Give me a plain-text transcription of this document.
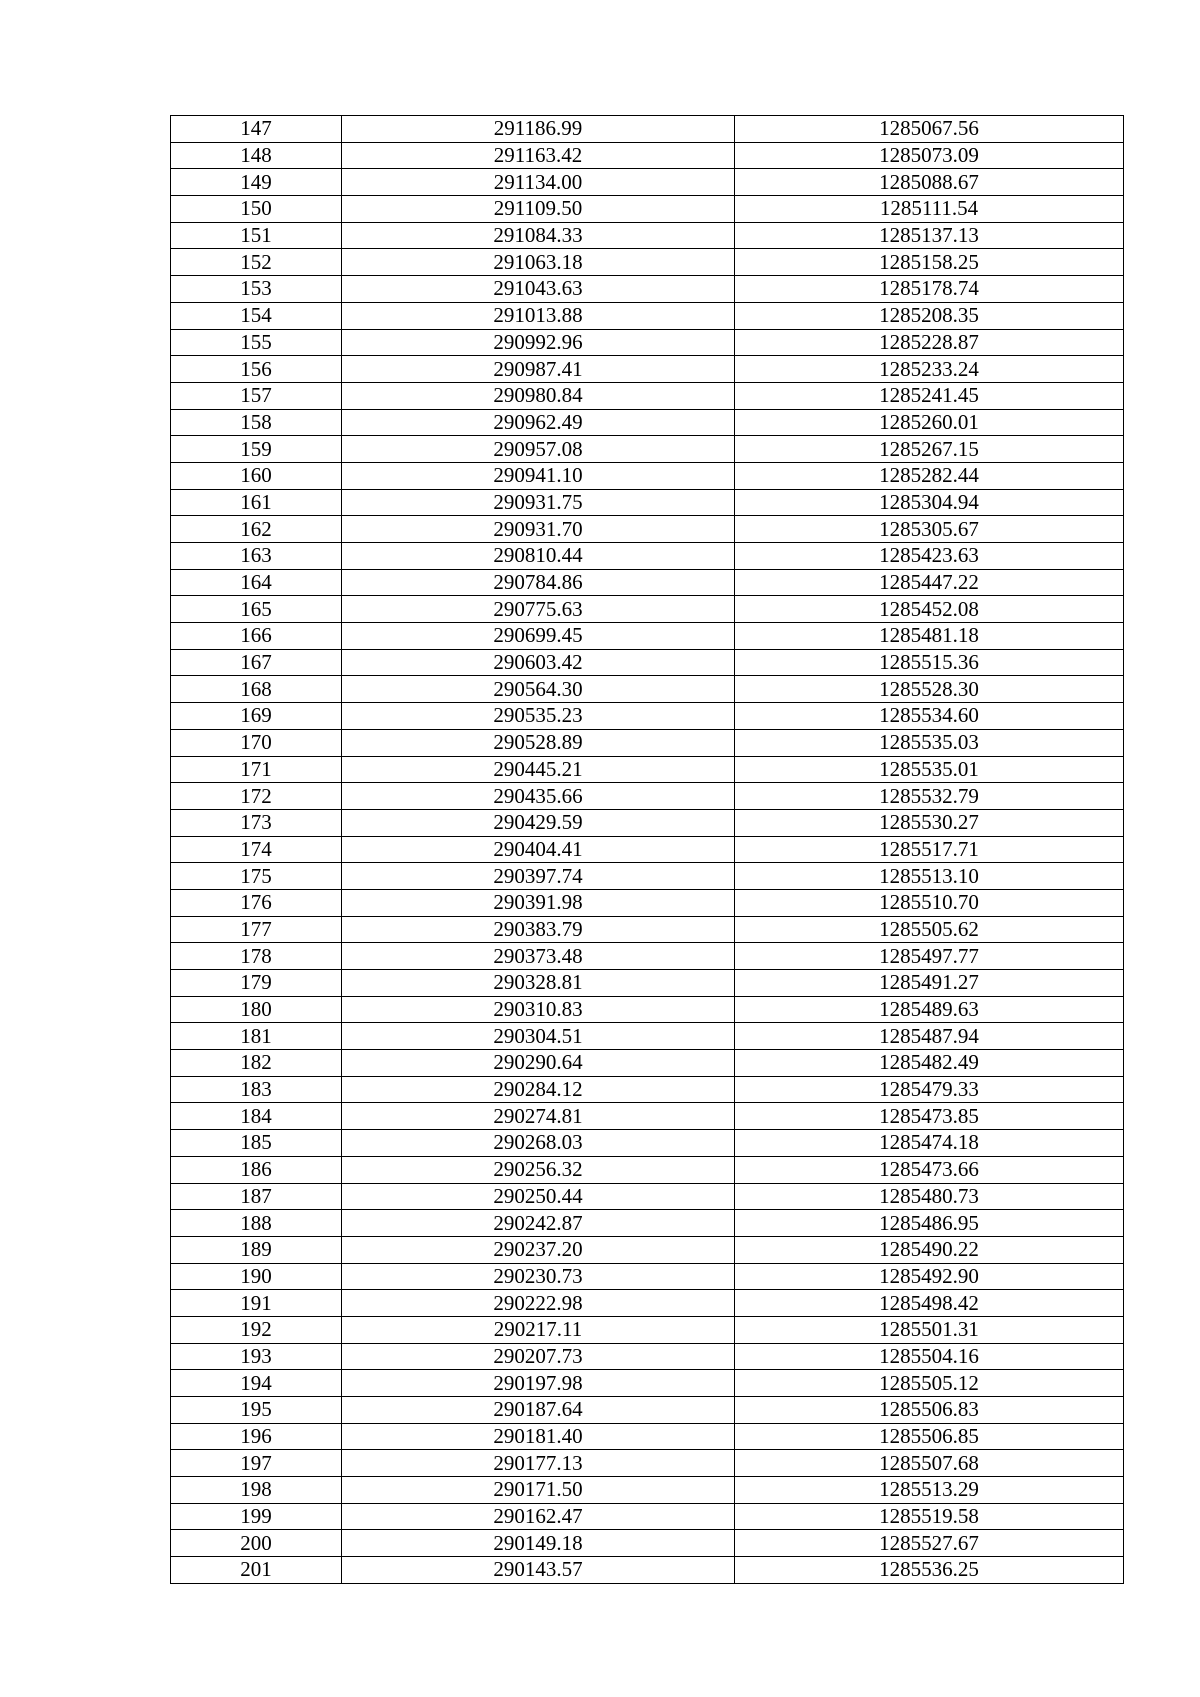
147	291186.99	1285067.56
148	291163.42	1285073.09
149	291134.00	1285088.67
150	291109.50	1285111.54
151	291084.33	1285137.13
152	291063.18	1285158.25
153	291043.63	1285178.74
154	291013.88	1285208.35
155	290992.96	1285228.87
156	290987.41	1285233.24
157	290980.84	1285241.45
158	290962.49	1285260.01
159	290957.08	1285267.15
160	290941.10	1285282.44
161	290931.75	1285304.94
162	290931.70	1285305.67
163	290810.44	1285423.63
164	290784.86	1285447.22
165	290775.63	1285452.08
166	290699.45	1285481.18
167	290603.42	1285515.36
168	290564.30	1285528.30
169	290535.23	1285534.60
170	290528.89	1285535.03
171	290445.21	1285535.01
172	290435.66	1285532.79
173	290429.59	1285530.27
174	290404.41	1285517.71
175	290397.74	1285513.10
176	290391.98	1285510.70
177	290383.79	1285505.62
178	290373.48	1285497.77
179	290328.81	1285491.27
180	290310.83	1285489.63
181	290304.51	1285487.94
182	290290.64	1285482.49
183	290284.12	1285479.33
184	290274.81	1285473.85
185	290268.03	1285474.18
186	290256.32	1285473.66
187	290250.44	1285480.73
188	290242.87	1285486.95
189	290237.20	1285490.22
190	290230.73	1285492.90
191	290222.98	1285498.42
192	290217.11	1285501.31
193	290207.73	1285504.16
194	290197.98	1285505.12
195	290187.64	1285506.83
196	290181.40	1285506.85
197	290177.13	1285507.68
198	290171.50	1285513.29
199	290162.47	1285519.58
200	290149.18	1285527.67
201	290143.57	1285536.25
